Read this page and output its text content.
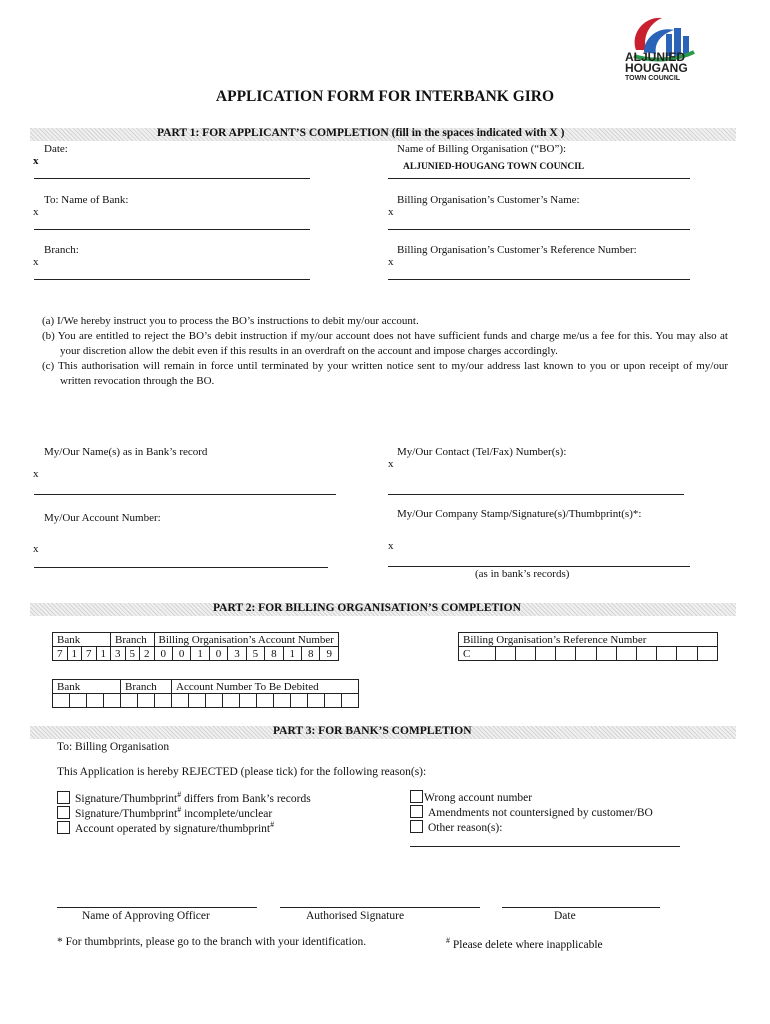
ALJUNIED
HOUGANG
TOWN COUNCIL
APPLICATION FORM FOR INTERBANK GIRO
PART 1: FOR APPLICANT’S COMPLETION (fill in the spaces indicated with X )
Date:
x
Name of Billing Organisation (“BO”):
ALJUNIED-HOUGANG TOWN COUNCIL
To: Name of Bank:
x
Billing Organisation’s Customer’s Name:
x
Branch:
x
Billing Organisation’s Customer’s Reference Number:
x
(a) I/We hereby instruct you to process the BO’s instructions to debit my/our account.
(b) You are entitled to reject the BO’s debit instruction if my/our account does not have sufficient funds and charge me/us a fee for this. You may also at your discretion allow the debit even if this results in an overdraft on the account and impose charges accordingly.
(c) This authorisation will remain in force until terminated by your written notice sent to my/our address last known to you or upon receipt of my/our written revocation through the BO.
My/Our Name(s) as in Bank’s record
x
My/Our Contact (Tel/Fax) Number(s):
x
My/Our Account Number:
x
My/Our Company Stamp/Signature(s)/Thumbprint(s)*:
x
(as in bank’s records)
PART 2: FOR BILLING ORGANISATION’S COMPLETION
Bank				Branch			Billing Organisation’s Account Number									
7	1	7	1	3	5	2	0	0	1	0	3	5	8	1	8	9
Billing Organisation’s Reference Number
C											
Bank				Branch			Account Number To Be Debited										

PART 3: FOR BANK’S COMPLETION
To: Billing Organisation
This Application is hereby REJECTED (please tick) for the following reason(s):
Signature/Thumbprint# differs from Bank’s records
Signature/Thumbprint# incomplete/unclear
Account operated by signature/thumbprint#
Wrong account number
Amendments not countersigned by customer/BO
Other reason(s):
Name of Approving Officer	Authorised Signature	Date
* For thumbprints, please go to the branch with your identification.	# Please delete where inapplicable
